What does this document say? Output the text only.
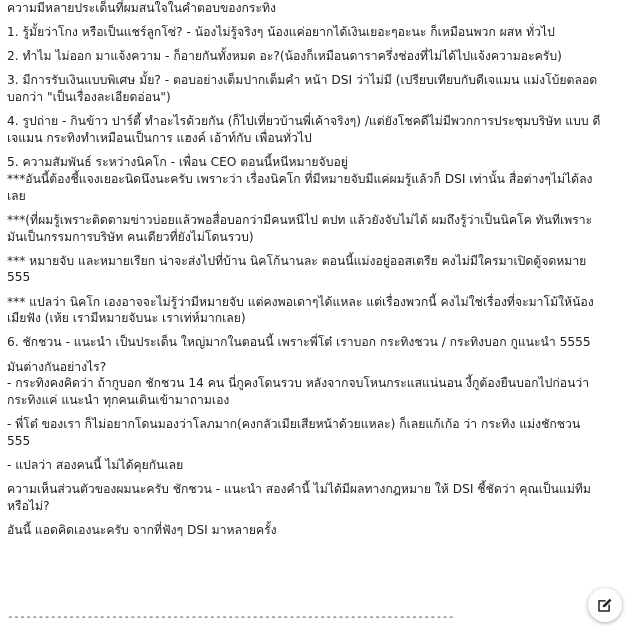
ความมีหลายประเด็นที่ผมสนใจในคำตอบของกระทิง

1. รู้มั้ยว่าโกง หรือเป็นแชร์ลูกโซ่? - น้องไม่รู้จริงๆ น้องแค่อยากได้เงินเยอะๆอะนะ ก็เหมือนพวก ผสห ทั่วไป

2. ทำไม ไม่ออก มาแจ้งความ - ก็อายกันทั้งหมด อะ?(น้องก็เหมือนดาราครึ่งช่องที่ไม่ได้ไปแจ้งความอะครับ)

3. มีการรับเงินแบบพิเศษ มั้ย? - ตอบอย่างเต็มปากเต็มคำ หน้า DSI ว่าไม่มี (เปรียบเทียบกับดีเจแมน แม่งโบ้ยตลอดบอกว่า "เป็นเรื่องละเอียดอ่อน")

4. รูปถ่าย - กินข้าว ปาร์ตี้ ทำอะไรด้วยกัน (ก็ไปเที่ยวบ้านพี่เค้าจริงๆ) /แต่ยังโชคดีไม่มีพวกการประชุมบริษัท แบบ ดีเจแมน กระทิงทำเหมือนเป็นการ แฮงค์ เอ้าท์กับ เพื่อนทั่วไป

5. ความสัมพันธ์ ระหว่างนิคโก - เพื่อน CEO ตอนนี้หนีหมายจับอยู่
***อันนี้ต้องชี้แจงเยอะนิดนึงนะครับ เพราะว่า เรื่องนิคโก ที่มีหมายจับมีแค่ผมรู้แล้วก็ DSI เท่านั้น สื่อต่างๆไม่ได้ลงเลย

***(ที่ผมรู้เพราะติดตามข่าวบ่อยแล้วพอสื่อบอกว่ามีคนหนีไป ตปท แล้วยังจับไม่ได้ ผมถึงรู้ว่าเป็นนิคโค ทันทีเพราะมันเป็นกรรมการบริษัท คนเดียวที่ยังไม่โดนรวบ)

*** หมายจับ และหมายเรียก น่าจะส่งไปที่บ้าน นิคโก้นานละ ตอนนี้แม่งอยู่ออสเตรีย คงไม่มีใครมาเปิดตู้จดหมาย 555

*** แปลว่า นิคโก เองอาจจะไม่รู้ว่ามีหมายจับ แต่คงพอเดาๆได้แหละ แต่เรื่องพวกนี้ คงไม่ใช่เรื่องที่จะมาโม้ให้น้องเมียฟัง (เห้ย เรามีหมายจับนะ เราเท่ห์มากเลย)

6. ชักชวน - แนะนำ เป็นประเด็น ใหญ่มากในตอนนี้ เพราะพี่โต๋ เราบอก กระทิงชวน / กระทิงบอก กูแนะนำ 5555

มันต่างกันอย่างไร?
- กระทิงคงคิดว่า ถ้ากูบอก ชักชวน 14 คน นี่กูคงโดนรวบ หลังจากจบโหนกระแสแน่นอน งี้กูต้องยืนบอกไปก่อนว่า กระทิงแค่ แนะนำ ทุกคนเดินเข้ามาถามเอง

- พี่โต๋ ของเรา ก็ไม่อยากโดนมองว่าโลภมาก(คงกลัวเมียเสียหน้าด้วยแหละ) ก็เลยแก้เก้อ ว่า กระทิง แม่งชักชวน 555

- แปลว่า สองคนนี้ ไม่ได้คุยกันเลย

ความเห็นส่วนตัวของผมนะครับ ชักชวน - แนะนำ สองคำนี้ ไม่ได้มีผลทางกฎหมาย ให้ DSI ชี้ชัดว่า คุณเป็นแม่ทีมหรือไม่?

อันนี้ แอดคิดเองนะครับ จากที่ฟังๆ DSI มาหลายครั้ง

-------------------------------------------------------------------------
